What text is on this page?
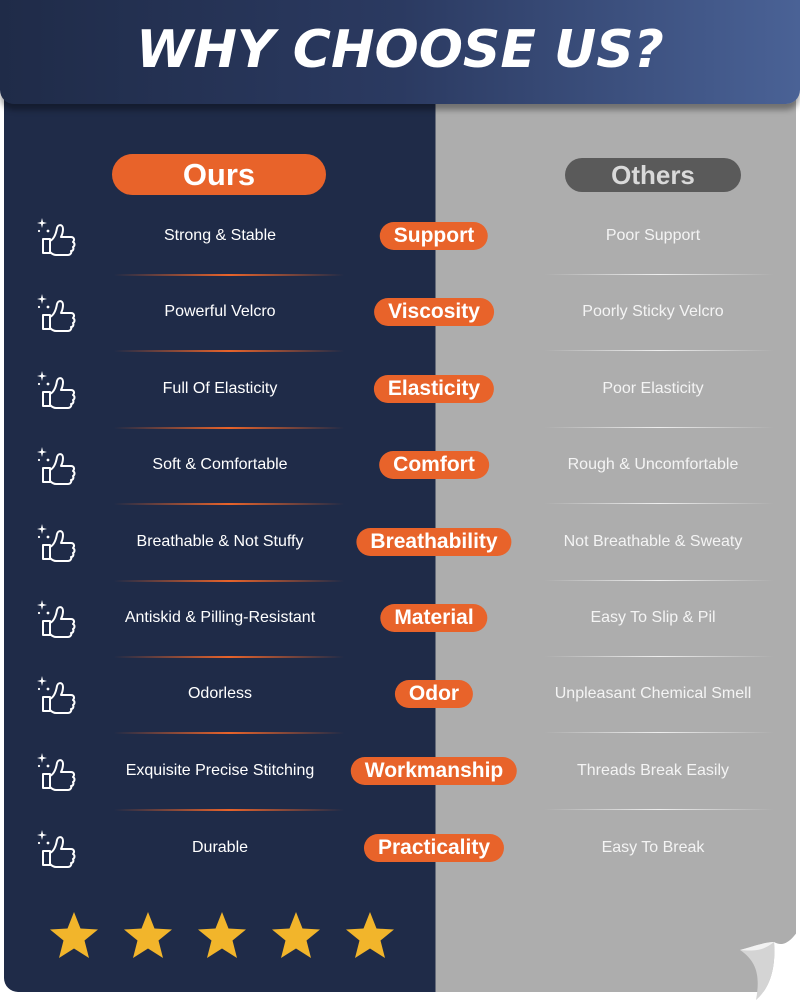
Ours	Others
Strong & Stable	Support	Poor Support
Powerful Velcro	Viscosity	Poorly Sticky Velcro
Full Of Elasticity	Elasticity	Poor Elasticity
Soft & Comfortable	Comfort	Rough & Uncomfortable
Breathable & Not Stuffy	Breathability	Not Breathable & Sweaty
Antiskid & Pilling-Resistant	Material	Easy To Slip & Pil
Odorless	Odor	Unpleasant Chemical Smell
Exquisite Precise Stitching	Workmanship	Threads Break Easily
Durable	Practicality	Easy To Break
WHY CHOOSE US?
